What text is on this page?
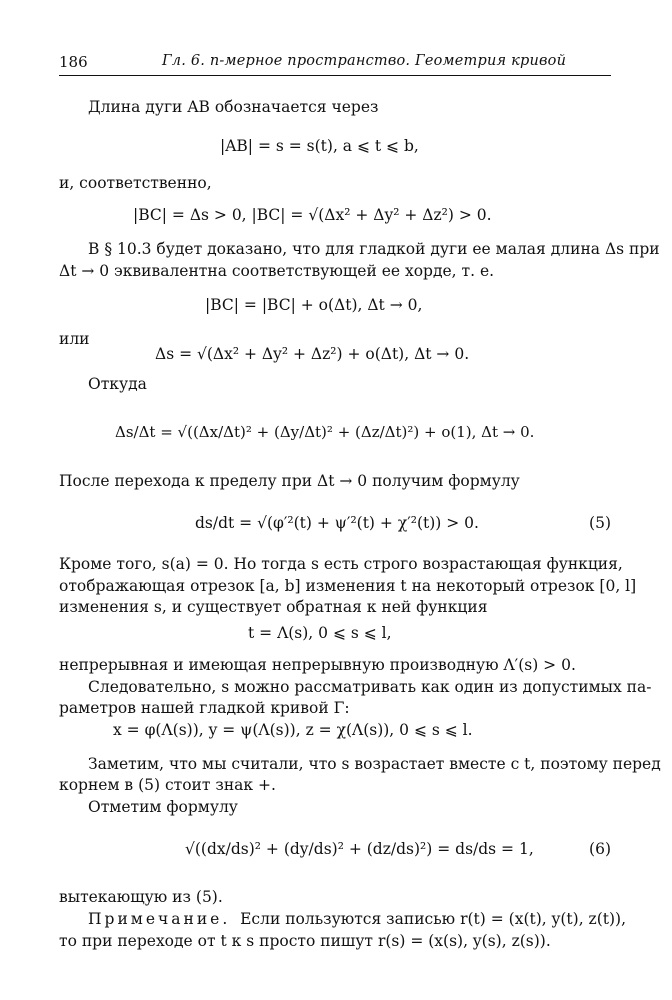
186	Гл. 6. n-мерное пространство. Геометрия кривой
Длина дуги AB обозначается через
и, соответственно,
В § 10.3 будет доказано, что для гладкой дуги ее малая длина Δs при
Δt → 0 эквивалентна соответствующей ее хорде, т. е.
или
Откуда
После перехода к пределу при Δt → 0 получим формулу
Кроме того, s(a) = 0. Но тогда s есть строго возрастающая функция,
отображающая отрезок [a, b] изменения t на некоторый отрезок [0, l]
изменения s, и существует обратная к ней функция
непрерывная и имеющая непрерывную производную Λ′(s) > 0.
Следовательно, s можно рассматривать как один из допустимых па-
раметров нашей гладкой кривой Γ:
Заметим, что мы считали, что s возрастает вместе с t, поэтому перед
корнем в (5) стоит знак +.
Отметим формулу
вытекающую из (5).
Примечание. Если пользуются записью r(t) = (x(t), y(t), z(t)),
то при переходе от t к s просто пишут r(s) = (x(s), y(s), z(s)).
|AB| = s = s(t), a ⩽ t ⩽ b,
|BC| = Δs > 0, |BC| = √(Δx² + Δy² + Δz²) > 0.
|BC| = |BC| + o(Δt), Δt → 0,
Δs = √(Δx² + Δy² + Δz²) + o(Δt), Δt → 0.
Δs/Δt = √((Δx/Δt)² + (Δy/Δt)² + (Δz/Δt)²) + o(1), Δt → 0.
ds/dt = √(φ′²(t) + ψ′²(t) + χ′²(t)) > 0.	(5)
t = Λ(s), 0 ⩽ s ⩽ l,
x = φ(Λ(s)), y = ψ(Λ(s)), z = χ(Λ(s)), 0 ⩽ s ⩽ l.
√((dx/ds)² + (dy/ds)² + (dz/ds)²) = ds/ds = 1,	(6)
